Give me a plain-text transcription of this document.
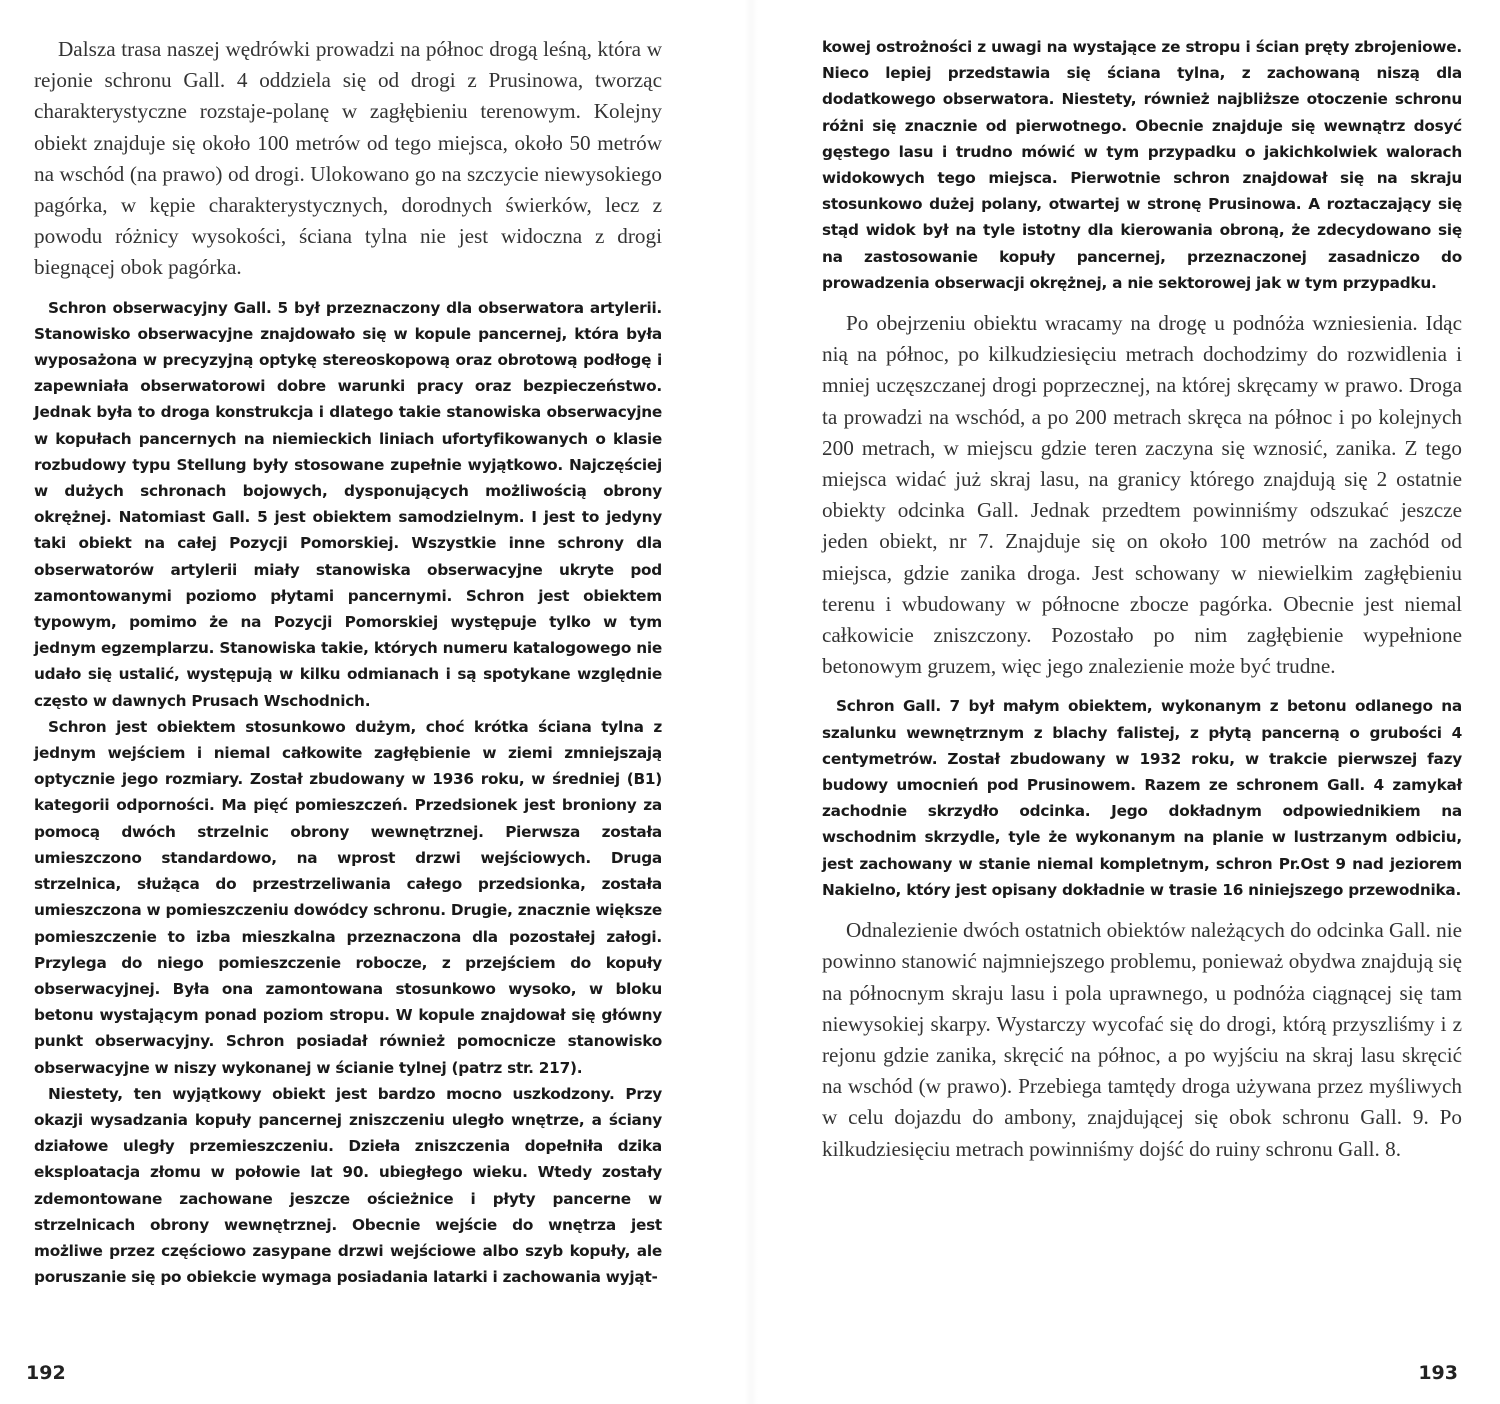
Dalsza trasa naszej wędrówki prowadzi na północ drogą leśną, która w rejonie schronu Gall. 4 oddziela się od drogi z Prusinowa, tworząc charakterystyczne rozstaje-polanę w zagłębieniu terenowym. Kolejny obiekt znajduje się około 100 metrów od tego miejsca, około 50 metrów na wschód (na prawo) od drogi. Ulokowano go na szczycie niewysokiego pagórka, w kępie charakterystycznych, dorodnych świerków, lecz z powodu różnicy wysokości, ściana tylna nie jest widoczna z drogi biegnącej obok pagórka.

Schron obserwacyjny Gall. 5 był przeznaczony dla obserwatora artylerii. Stanowisko obserwacyjne znajdowało się w kopule pancernej, która była wyposażona w precyzyjną optykę stereoskopową oraz obrotową podłogę i zapewniała obserwatorowi dobre warunki pracy oraz bezpieczeństwo. Jednak była to droga konstrukcja i dlatego takie stanowiska obserwacyjne w kopułach pancernych na niemieckich liniach ufortyfikowanych o klasie rozbudowy typu Stellung były stosowane zupełnie wyjątkowo. Najczęściej w dużych schronach bojowych, dysponujących możliwością obrony okrężnej. Natomiast Gall. 5 jest obiektem samodzielnym. I jest to jedyny taki obiekt na całej Pozycji Pomorskiej. Wszystkie inne schrony dla obserwatorów artylerii miały stanowiska obserwacyjne ukryte pod zamontowanymi poziomo płytami pancernymi. Schron jest obiektem typowym, pomimo że na Pozycji Pomorskiej występuje tylko w tym jednym egzemplarzu. Stanowiska takie, których numeru katalogowego nie udało się ustalić, występują w kilku odmianach i są spotykane względnie często w dawnych Prusach Wschodnich.

Schron jest obiektem stosunkowo dużym, choć krótka ściana tylna z jednym wejściem i niemal całkowite zagłębienie w ziemi zmniejszają optycznie jego rozmiary. Został zbudowany w 1936 roku, w średniej (B1) kategorii odporności. Ma pięć pomieszczeń. Przedsionek jest broniony za pomocą dwóch strzelnic obrony wewnętrznej. Pierwsza została umieszczono standardowo, na wprost drzwi wejściowych. Druga strzelnica, służąca do przestrzeliwania całego przedsionka, została umieszczona w pomieszczeniu dowódcy schronu. Drugie, znacznie większe pomieszczenie to izba mieszkalna przeznaczona dla pozostałej załogi. Przylega do niego pomieszczenie robocze, z przejściem do kopuły obserwacyjnej. Była ona zamontowana stosunkowo wysoko, w bloku betonu wystającym ponad poziom stropu. W kopule znajdował się główny punkt obserwacyjny. Schron posiadał również pomocnicze stanowisko obserwacyjne w niszy wykonanej w ścianie tylnej (patrz str. 217).

Niestety, ten wyjątkowy obiekt jest bardzo mocno uszkodzony. Przy okazji wysadzania kopuły pancernej zniszczeniu uległo wnętrze, a ściany działowe uległy przemieszczeniu. Dzieła zniszczenia dopełniła dzika eksploatacja złomu w połowie lat 90. ubiegłego wieku. Wtedy zostały zdemontowane zachowane jeszcze ościeżnice i płyty pancerne w strzelnicach obrony wewnętrznej. Obecnie wejście do wnętrza jest możliwe przez częściowo zasypane drzwi wejściowe albo szyb kopuły, ale poruszanie się po obiekcie wymaga posiadania latarki i zachowania wyjąt-

192

kowej ostrożności z uwagi na wystające ze stropu i ścian pręty zbrojeniowe. Nieco lepiej przedstawia się ściana tylna, z zachowaną niszą dla dodatkowego obserwatora. Niestety, również najbliższe otoczenie schronu różni się znacznie od pierwotnego. Obecnie znajduje się wewnątrz dosyć gęstego lasu i trudno mówić w tym przypadku o jakichkolwiek walorach widokowych tego miejsca. Pierwotnie schron znajdował się na skraju stosunkowo dużej polany, otwartej w stronę Prusinowa. A roztaczający się stąd widok był na tyle istotny dla kierowania obroną, że zdecydowano się na zastosowanie kopuły pancernej, przeznaczonej zasadniczo do prowadzenia obserwacji okrężnej, a nie sektorowej jak w tym przypadku.

Po obejrzeniu obiektu wracamy na drogę u podnóża wzniesienia. Idąc nią na północ, po kilkudziesięciu metrach dochodzimy do rozwidlenia i mniej uczęszczanej drogi poprzecznej, na której skręcamy w prawo. Droga ta prowadzi na wschód, a po 200 metrach skręca na północ i po kolejnych 200 metrach, w miejscu gdzie teren zaczyna się wznosić, zanika. Z tego miejsca widać już skraj lasu, na granicy którego znajdują się 2 ostatnie obiekty odcinka Gall. Jednak przedtem powinniśmy odszukać jeszcze jeden obiekt, nr 7. Znajduje się on około 100 metrów na zachód od miejsca, gdzie zanika droga. Jest schowany w niewielkim zagłębieniu terenu i wbudowany w północne zbocze pagórka. Obecnie jest niemal całkowicie zniszczony. Pozostało po nim zagłębienie wypełnione betonowym gruzem, więc jego znalezienie może być trudne.

Schron Gall. 7 był małym obiektem, wykonanym z betonu odlanego na szalunku wewnętrznym z blachy falistej, z płytą pancerną o grubości 4 centymetrów. Został zbudowany w 1932 roku, w trakcie pierwszej fazy budowy umocnień pod Prusinowem. Razem ze schronem Gall. 4 zamykał zachodnie skrzydło odcinka. Jego dokładnym odpowiednikiem na wschodnim skrzydle, tyle że wykonanym na planie w lustrzanym odbiciu, jest zachowany w stanie niemal kompletnym, schron Pr.Ost 9 nad jeziorem Nakielno, który jest opisany dokładnie w trasie 16 niniejszego przewodnika.

Odnalezienie dwóch ostatnich obiektów należących do odcinka Gall. nie powinno stanowić najmniejszego problemu, ponieważ obydwa znajdują się na północnym skraju lasu i pola uprawnego, u podnóża ciągnącej się tam niewysokiej skarpy. Wystarczy wycofać się do drogi, którą przyszliśmy i z rejonu gdzie zanika, skręcić na północ, a po wyjściu na skraj lasu skręcić na wschód (w prawo). Przebiega tamtędy droga używana przez myśliwych w celu dojazdu do ambony, znajdującej się obok schronu Gall. 9. Po kilkudziesięciu metrach powinniśmy dojść do ruiny schronu Gall. 8.

193
